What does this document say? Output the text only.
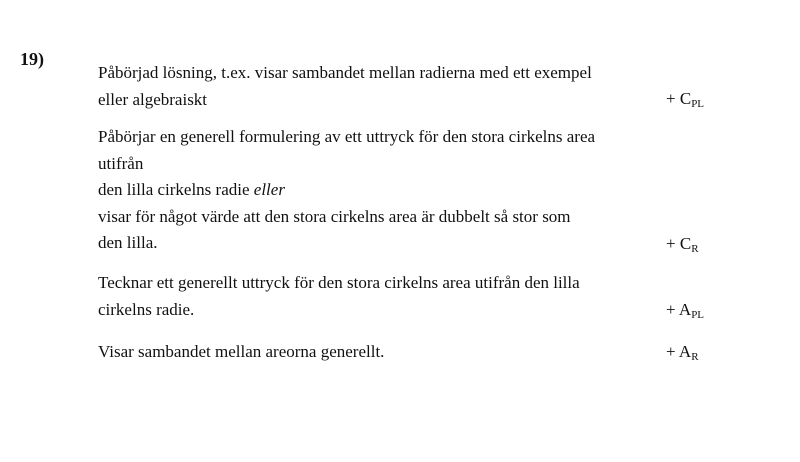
19)
Påbörjad lösning, t.ex. visar sambandet mellan radierna med ett exempel
eller algebraiskt	+ $C_{PL}$
Påbörjar en generell formulering av ett uttryck för den stora cirkelns area
utifrån
den lilla cirkelns radie eller
visar för något värde att den stora cirkelns area är dubbelt så stor som
den lilla.	+ $C_R$
Tecknar ett generellt uttryck för den stora cirkelns area utifrån den lilla
cirkelns radie.	+ $A_{PL}$
Visar sambandet mellan areorna generellt.	+ $A_R$
